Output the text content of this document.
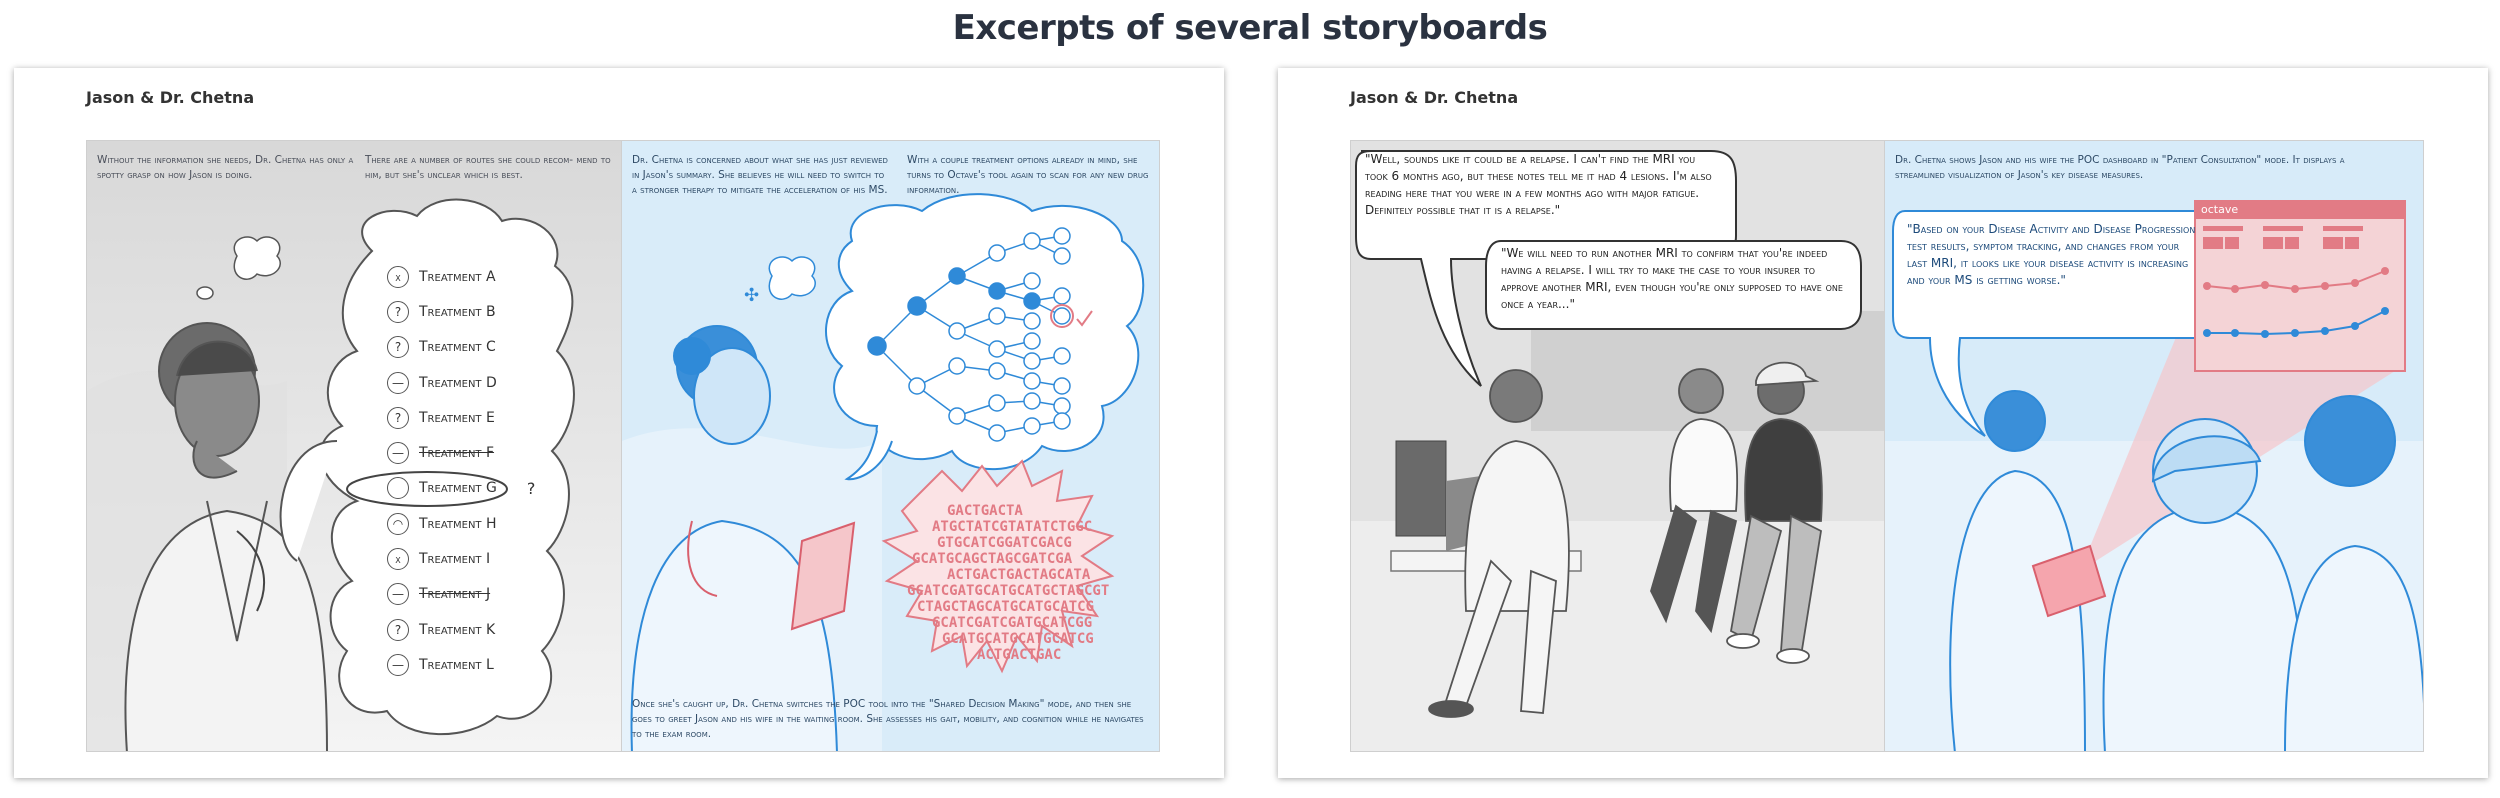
Excerpts of several storyboards
Jason & Dr. Chetna
Without the information she needs, Dr. Chetna has only a spotty grasp on how Jason is doing.
There are a number of routes she could recom- mend to him, but she's unclear which is best.
x	Treatment A
?	Treatment B
?	Treatment C
—	Treatment D
?	Treatment E
—	Treatment F
Treatment G ?
◠	Treatment H
x	Treatment I
—	Treatment J
?	Treatment K
—	Treatment L
✣
Dr. Chetna is concerned about what she has just reviewed in Jason's summary. She believes he will need to switch to a stronger therapy to mitigate the acceleration of his MS.
With a couple treatment options already in mind, she turns to Octave's tool again to scan for any new drug information.
GACTGACTA
ATGCTATCGTATATCTGGC
GTGCATCGGATCGACG
GCATGCAGCTAGCGATCGA
ACTGACTGACTAGCATA
GCATCGATGCATGCATGCTAGCGT
CTAGCTAGCATGCATGCATCG
GCATCGATCGATGCATCGG
GCATGCATGCATGCATCG
ACTGACTGAC
Once she's caught up, Dr. Chetna switches the POC tool into the "Shared Decision Making" mode, and then she goes to greet Jason and his wife in the waiting room. She assesses his gait, mobility, and cognition while he navigates to the exam room.
Jason & Dr. Chetna
"Well, sounds like it could be a relapse. I can't find the MRI you took 6 months ago, but these notes tell me it had 4 lesions. I'm also reading here that you were in a few months ago with major fatigue. Definitely possible that it is a relapse."
"We will need to run another MRI to confirm that you're indeed having a relapse. I will try to make the case to your insurer to approve another MRI, even though you're only supposed to have one once a year..."
octave
Dr. Chetna shows Jason and his wife the POC dashboard in "Patient Consultation" mode. It displays a streamlined visualization of Jason's key disease measures.
"Based on your Disease Activity and Disease Progression test results, symptom tracking, and changes from your last MRI, it looks like your disease activity is increasing and your MS is getting worse."
